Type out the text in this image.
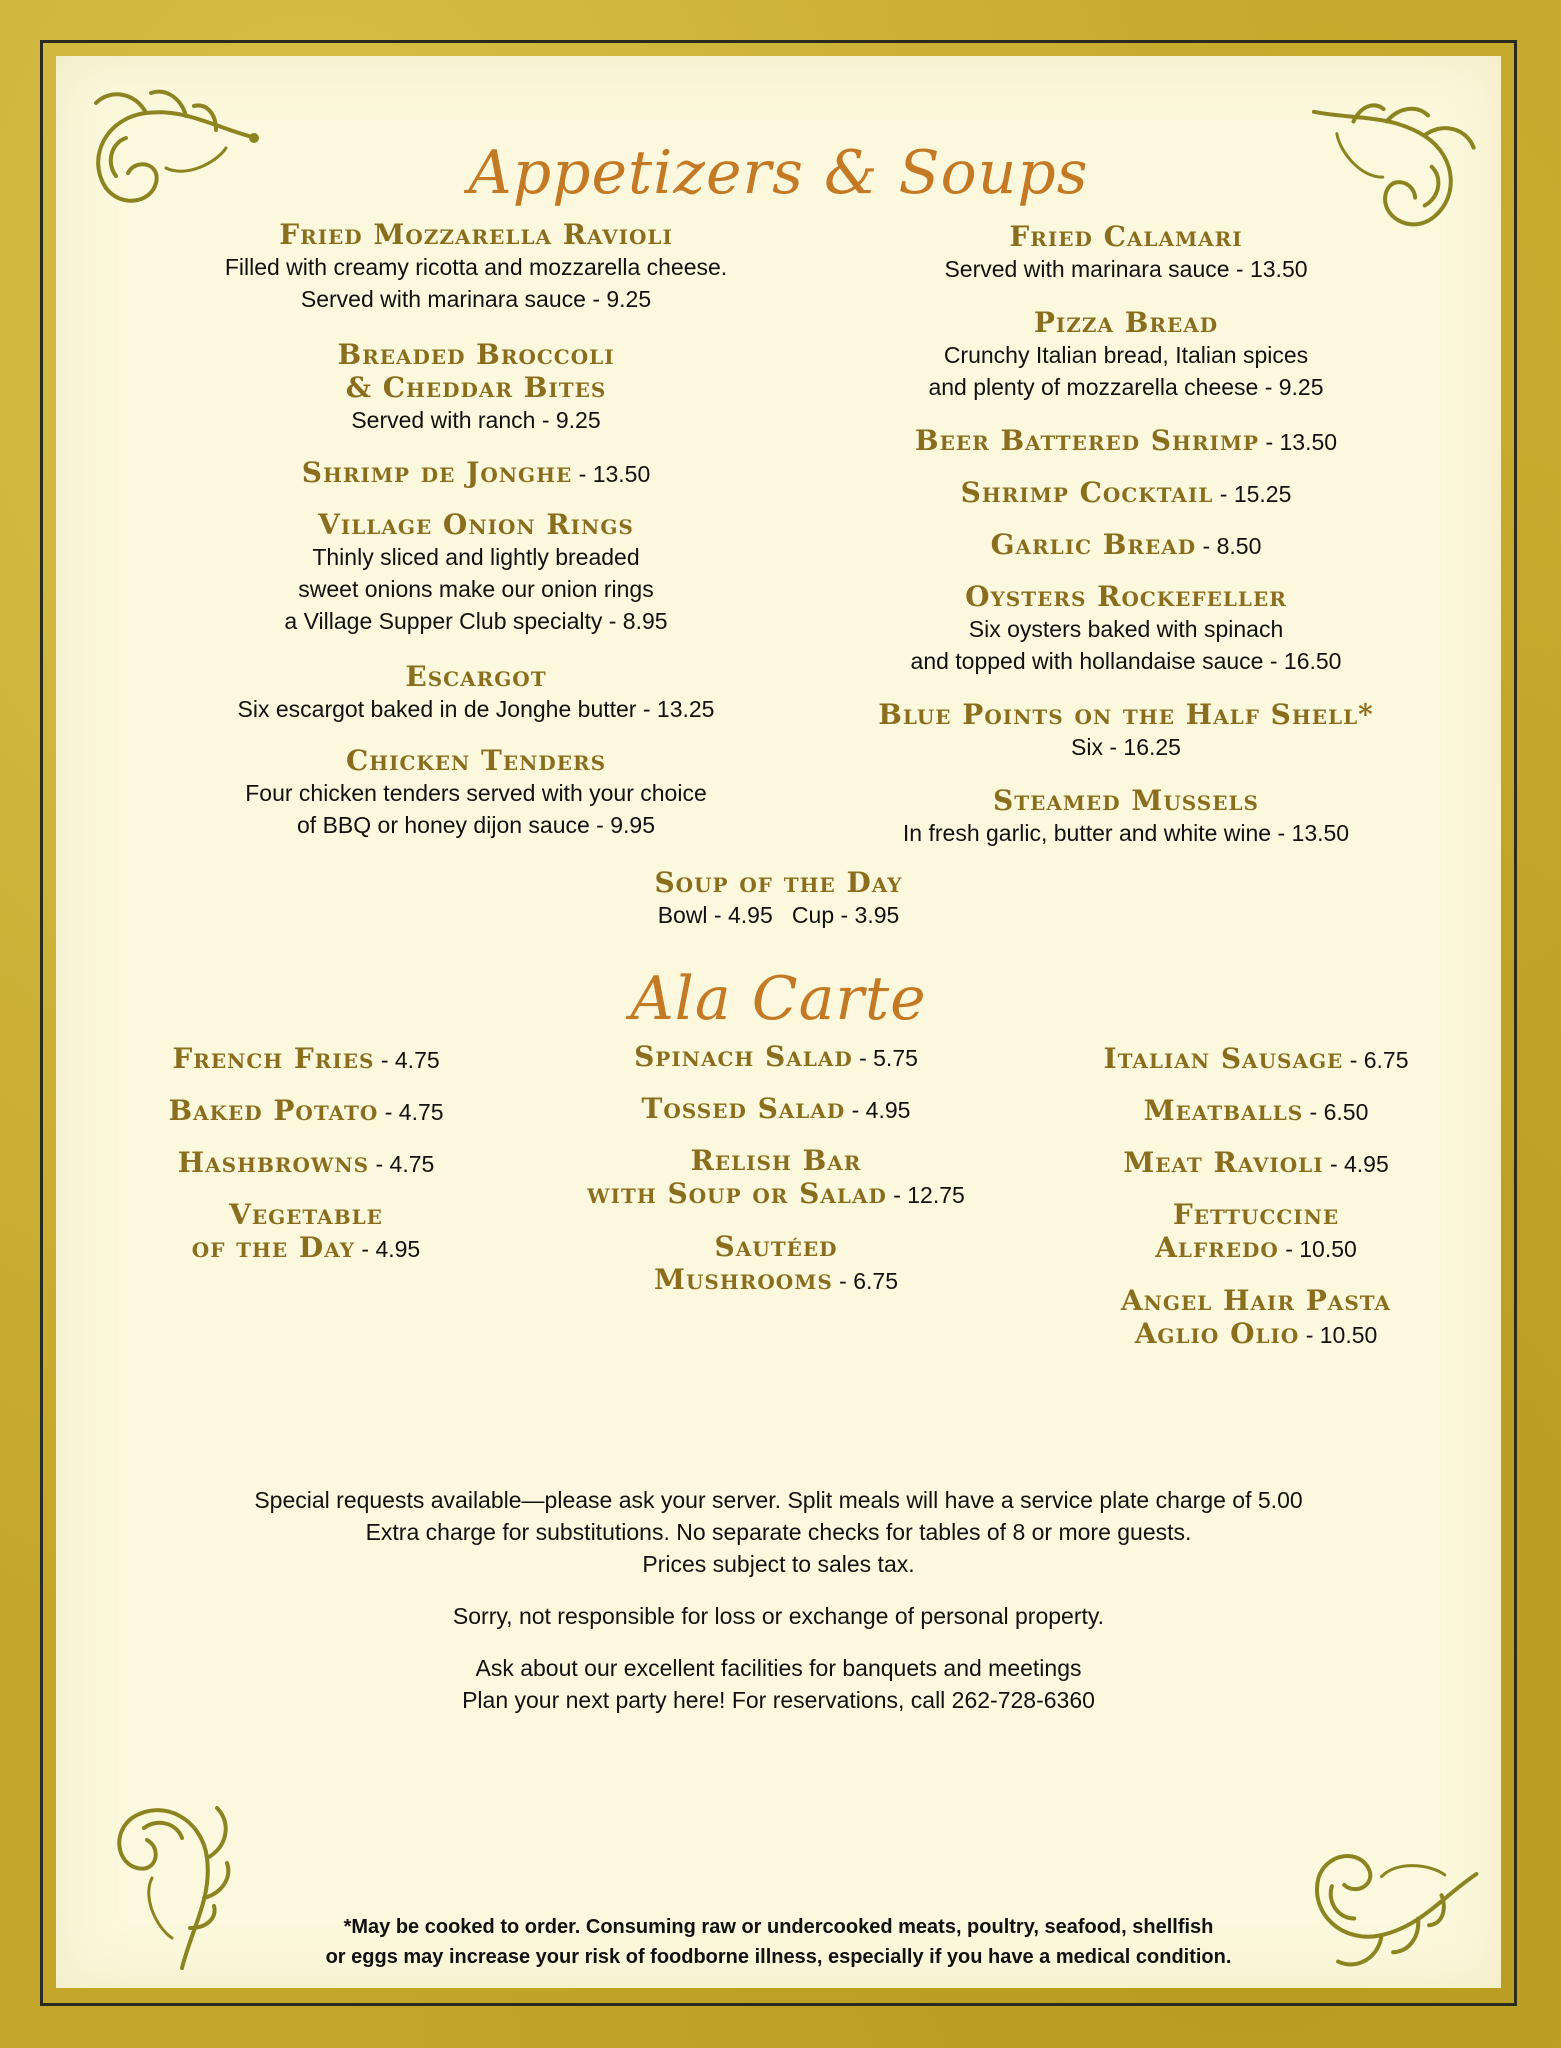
Appetizers & Soups
Fried Mozzarella Ravioli
Filled with creamy ricotta and mozzarella cheese.
Served with marinara sauce - 9.25
Breaded Broccoli
& Cheddar Bites
Served with ranch - 9.25
Shrimp de Jonghe - 13.50
Village Onion Rings
Thinly sliced and lightly breaded
sweet onions make our onion rings
a Village Supper Club specialty - 8.95
Escargot
Six escargot baked in de Jonghe butter - 13.25
Chicken Tenders
Four chicken tenders served with your choice
of BBQ or honey dijon sauce - 9.95
Fried Calamari
Served with marinara sauce - 13.50
Pizza Bread
Crunchy Italian bread, Italian spices
and plenty of mozzarella cheese - 9.25
Beer Battered Shrimp - 13.50
Shrimp Cocktail - 15.25
Garlic Bread - 8.50
Oysters Rockefeller
Six oysters baked with spinach
and topped with hollandaise sauce - 16.50
Blue Points on the Half Shell*
Six - 16.25
Steamed Mussels
In fresh garlic, butter and white wine - 13.50
Soup of the Day
Bowl - 4.95   Cup - 3.95
Ala Carte
French Fries - 4.75
Baked Potato - 4.75
Hashbrowns - 4.75
Vegetable
of the Day - 4.95
Spinach Salad - 5.75
Tossed Salad - 4.95
Relish Bar
with Soup or Salad - 12.75
Sautéed
Mushrooms - 6.75
Italian Sausage - 6.75
Meatballs - 6.50
Meat Ravioli - 4.95
Fettuccine
Alfredo - 10.50
Angel Hair Pasta
Aglio Olio - 10.50

Special requests available—please ask your server. Split meals will have a service plate charge of 5.00
Extra charge for substitutions. No separate checks for tables of 8 or more guests.
Prices subject to sales tax.

Sorry, not responsible for loss or exchange of personal property.

Ask about our excellent facilities for banquets and meetings
Plan your next party here! For reservations, call 262-728-6360

*May be cooked to order. Consuming raw or undercooked meats, poultry, seafood, shellfish
or eggs may increase your risk of foodborne illness, especially if you have a medical condition.
